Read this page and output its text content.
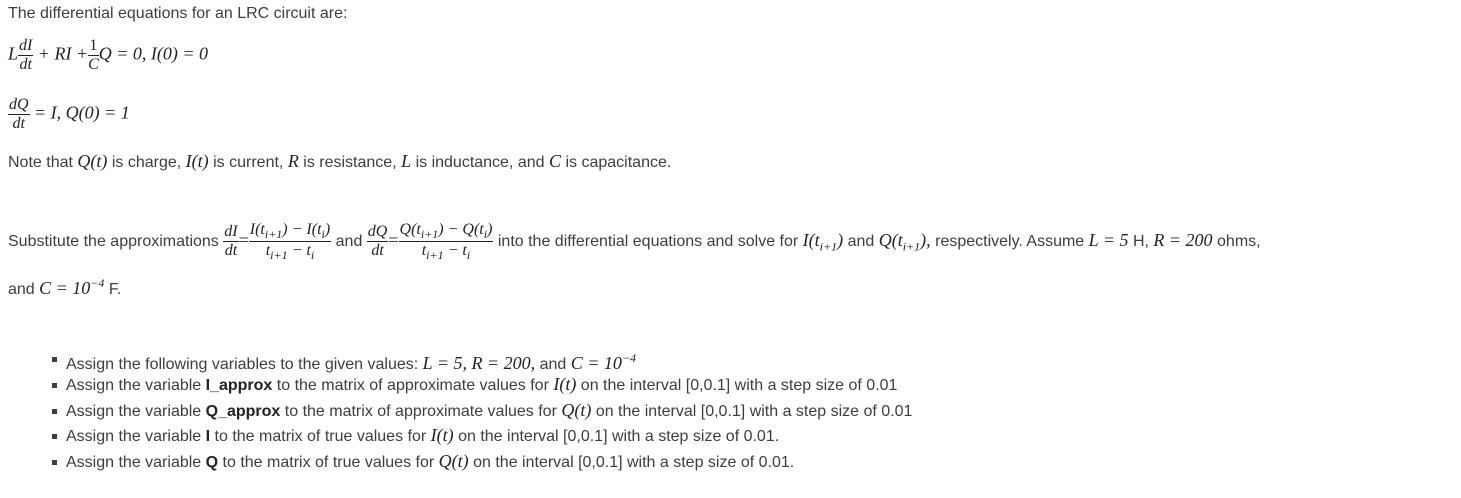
The differential equations for an LRC circuit are:
L $\frac{dI}{dt}$ + RI + $\frac{1}{C}$ Q = 0, I(0) = 0
$\frac{dQ}{dt} = I$, Q(0) = 1
Note that Q(t) is charge, I(t) is current, R is resistance, L is inductance, and C is capacitance.
Substitute the approximations $\frac{dI}{dt} = \frac{I(t_{i+1}) - I(t_i)}{t_{i+1} - t_i}$ and $\frac{dQ}{dt} = \frac{Q(t_{i+1}) - Q(t_i)}{t_{i+1} - t_i}$ into the differential equations and solve for $I(t_{i+1})$ and $Q(t_{i+1})$, respectively. Assume L = 5 H, R = 200 ohms,
and $C = 10^{-4}$ F.
Assign the following variables to the given values: L = 5, R = 200, and $C = 10^{-4}$
Assign the variable I_approx to the matrix of approximate values for I(t) on the interval [0,0.1] with a step size of 0.01
Assign the variable Q_approx to the matrix of approximate values for Q(t) on the interval [0,0.1] with a step size of 0.01
Assign the variable I to the matrix of true values for I(t) on the interval [0,0.1] with a step size of 0.01.
Assign the variable Q to the matrix of true values for Q(t) on the interval [0,0.1] with a step size of 0.01.
